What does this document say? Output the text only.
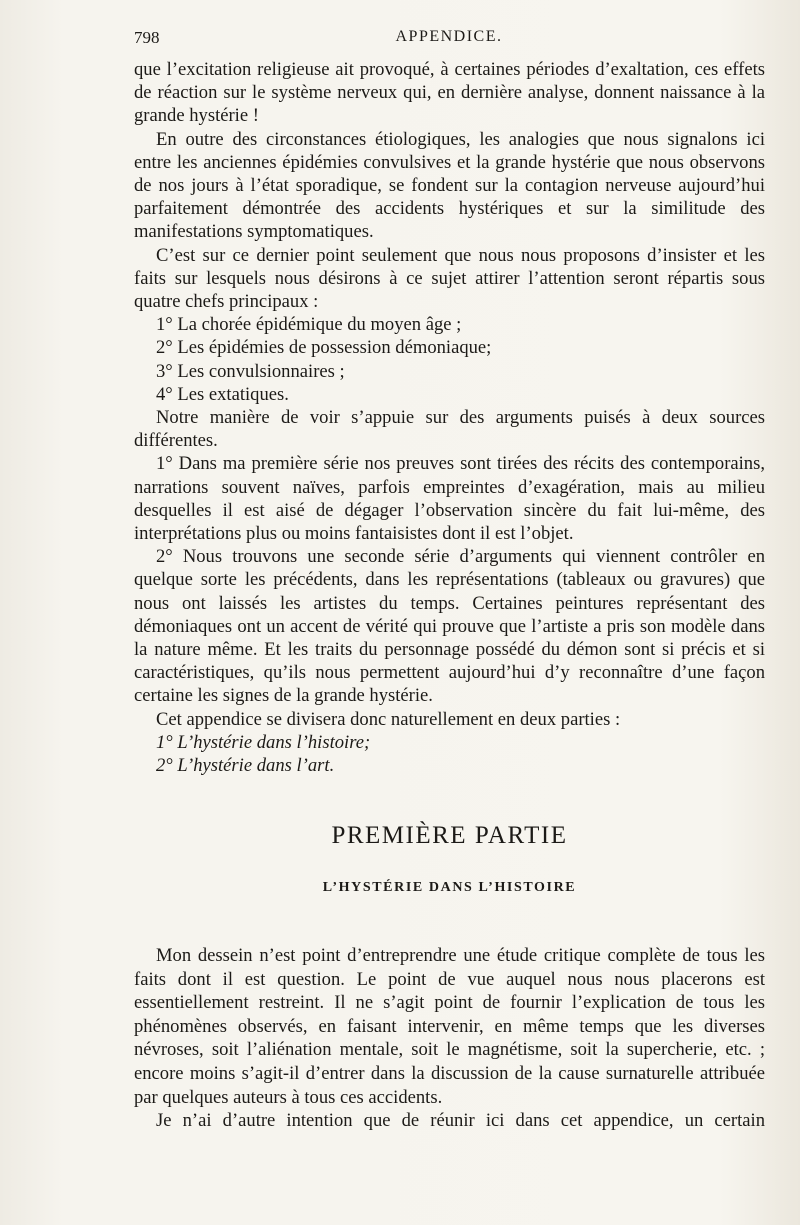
798	APPENDICE.

que l’excitation religieuse ait provoqué, à certaines périodes d’exaltation, ces effets de réaction sur le système nerveux qui, en dernière analyse, donnent naissance à la grande hystérie !

En outre des circonstances étiologiques, les analogies que nous signalons ici entre les anciennes épidémies convulsives et la grande hystérie que nous observons de nos jours à l’état sporadique, se fondent sur la contagion nerveuse aujourd’hui parfaitement démontrée des accidents hystériques et sur la similitude des manifestations symptomatiques.

C’est sur ce dernier point seulement que nous nous proposons d’insister et les faits sur lesquels nous désirons à ce sujet attirer l’attention seront répartis sous quatre chefs principaux :

1° La chorée épidémique du moyen âge ;

2° Les épidémies de possession démoniaque;

3° Les convulsionnaires ;

4° Les extatiques.

Notre manière de voir s’appuie sur des arguments puisés à deux sources différentes.

1° Dans ma première série nos preuves sont tirées des récits des contemporains, narrations souvent naïves, parfois empreintes d’exagération, mais au milieu desquelles il est aisé de dégager l’observation sincère du fait lui-même, des interprétations plus ou moins fantaisistes dont il est l’objet.

2° Nous trouvons une seconde série d’arguments qui viennent contrôler en quelque sorte les précédents, dans les représentations (tableaux ou gravures) que nous ont laissés les artistes du temps. Certaines peintures représentant des démoniaques ont un accent de vérité qui prouve que l’artiste a pris son modèle dans la nature même. Et les traits du personnage possédé du démon sont si précis et si caractéristiques, qu’ils nous permettent aujourd’hui d’y reconnaître d’une façon certaine les signes de la grande hystérie.

Cet appendice se divisera donc naturellement en deux parties :

1° L’hystérie dans l’histoire;

2° L’hystérie dans l’art.

PREMIÈRE PARTIE
L’HYSTÉRIE DANS L’HISTOIRE

Mon dessein n’est point d’entreprendre une étude critique complète de tous les faits dont il est question. Le point de vue auquel nous nous placerons est essentiellement restreint. Il ne s’agit point de fournir l’explication de tous les phénomènes observés, en faisant intervenir, en même temps que les diverses névroses, soit l’aliénation mentale, soit le magnétisme, soit la supercherie, etc. ; encore moins s’agit-il d’entrer dans la discussion de la cause surnaturelle attribuée par quelques auteurs à tous ces accidents.

Je n’ai d’autre intention que de réunir ici dans cet appendice, un certain
